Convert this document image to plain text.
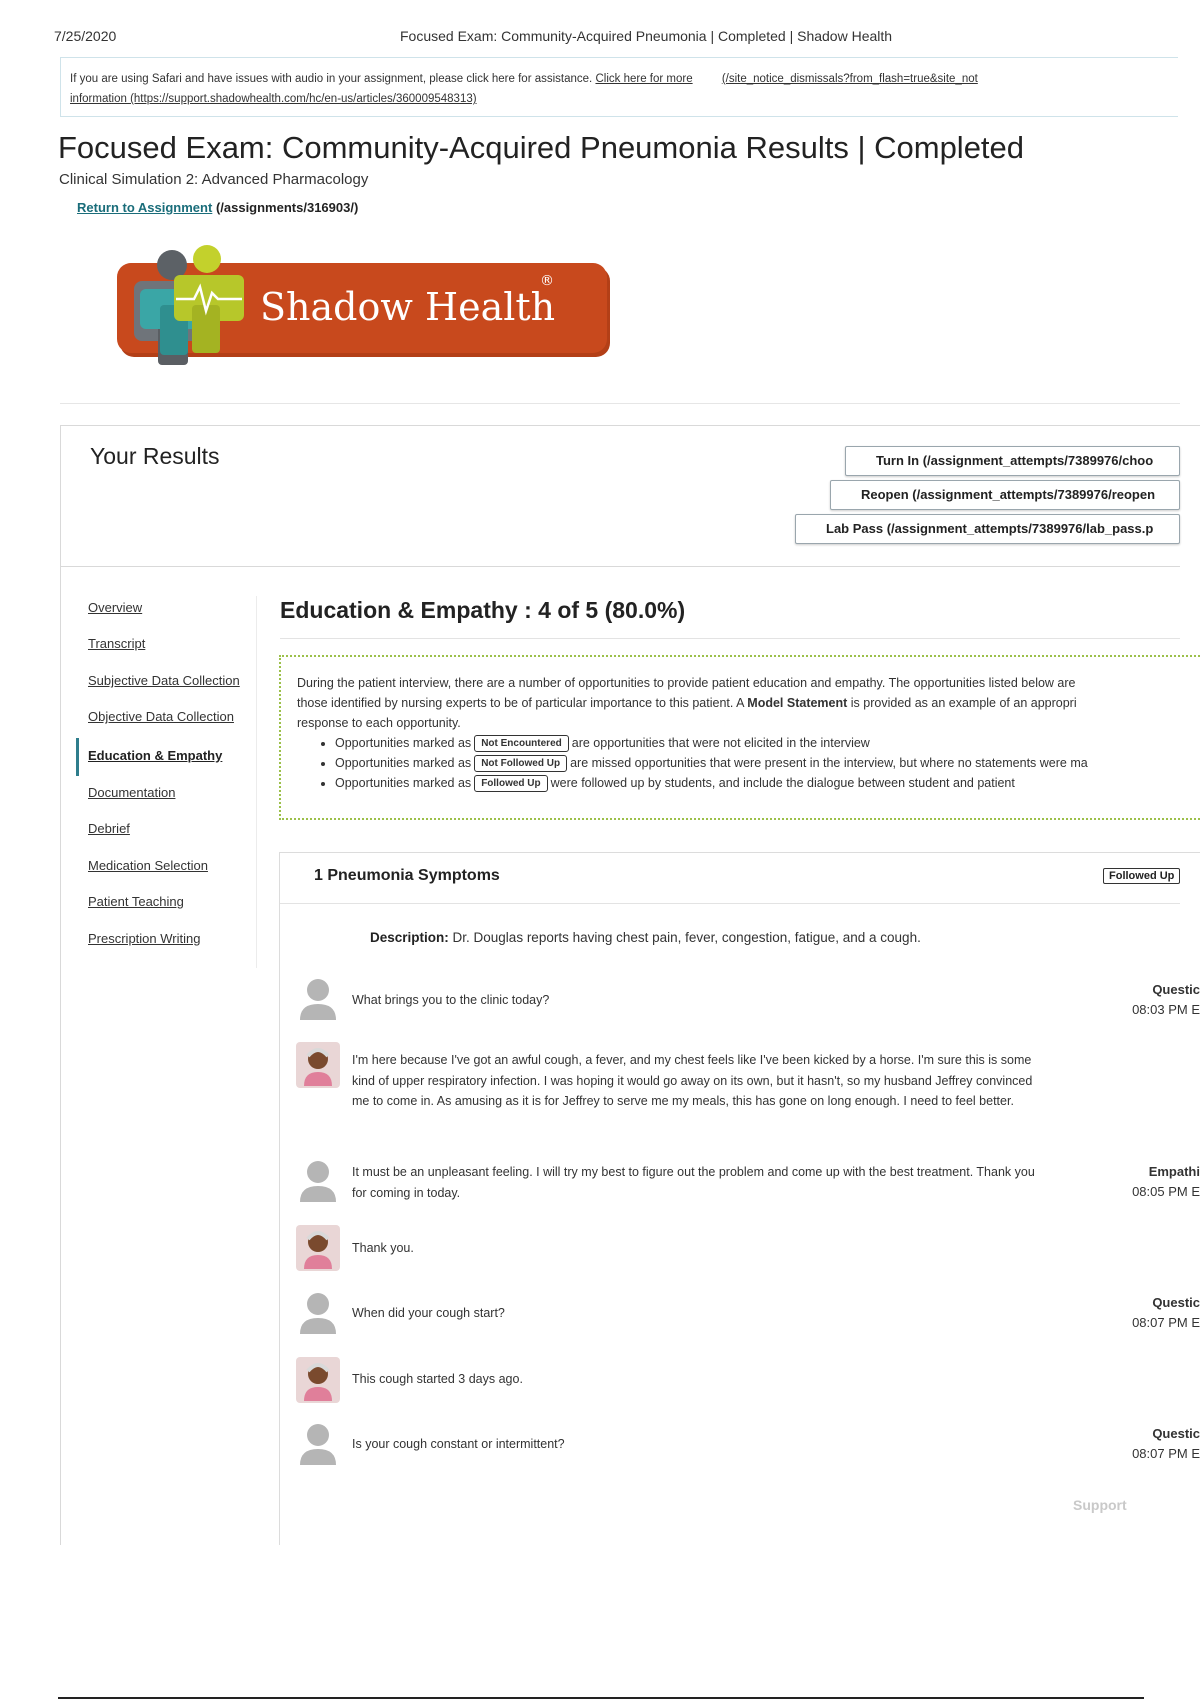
7/25/2020	Focused Exam: Community-Acquired Pneumonia | Completed | Shadow Health
If you are using Safari and have issues with audio in your assignment, please click here for assistance. Click here for more	(/site_notice_dismissals?from_flash=true&site_not
information (https://support.shadowhealth.com/hc/en-us/articles/360009548313)
Focused Exam: Community-Acquired Pneumonia Results | Completed
Clinical Simulation 2: Advanced Pharmacology
Return to Assignment (/assignments/316903/)
Shadow Health
®
Your Results	Turn In (/assignment_attempts/7389976/choo
Reopen (/assignment_attempts/7389976/reopen
Lab Pass (/assignment_attempts/7389976/lab_pass.p
Overview
Transcript
Subjective Data Collection
Objective Data Collection
Education & Empathy
Documentation
Debrief
Medication Selection
Patient Teaching
Prescription Writing
Education & Empathy : 4 of 5 (80.0%)

During the patient interview, there are a number of opportunities to provide patient education and empathy. The opportunities listed below are

those identified by nursing experts to be of particular importance to this patient. A Model Statement is provided as an example of an appropri

response to each opportunity.

• Opportunities marked as Not Encountered are opportunities that were not elicited in the interview
• Opportunities marked as Not Followed Up are missed opportunities that were present in the interview, but where no statements were ma
• Opportunities marked as Followed Up were followed up by students, and include the dialogue between student and patient
1 Pneumonia Symptoms	Followed Up
Description: Dr. Douglas reports having chest pain, fever, congestion, fatigue, and a cough.
What brings you to the clinic today?
Questic
08:03 PM E
I'm here because I've got an awful cough, a fever, and my chest feels like I've been kicked by a horse. I'm sure this is some kind of upper respiratory infection. I was hoping it would go away on its own, but it hasn't, so my husband Jeffrey convinced me to come in. As amusing as it is for Jeffrey to serve me my meals, this has gone on long enough. I need to feel better.
It must be an unpleasant feeling. I will try my best to figure out the problem and come up with the best treatment. Thank you for coming in today.
Empathi
08:05 PM E
Thank you.
When did your cough start?
Questic
08:07 PM E
This cough started 3 days ago.
Is your cough constant or intermittent?
Questic
08:07 PM E
Support
